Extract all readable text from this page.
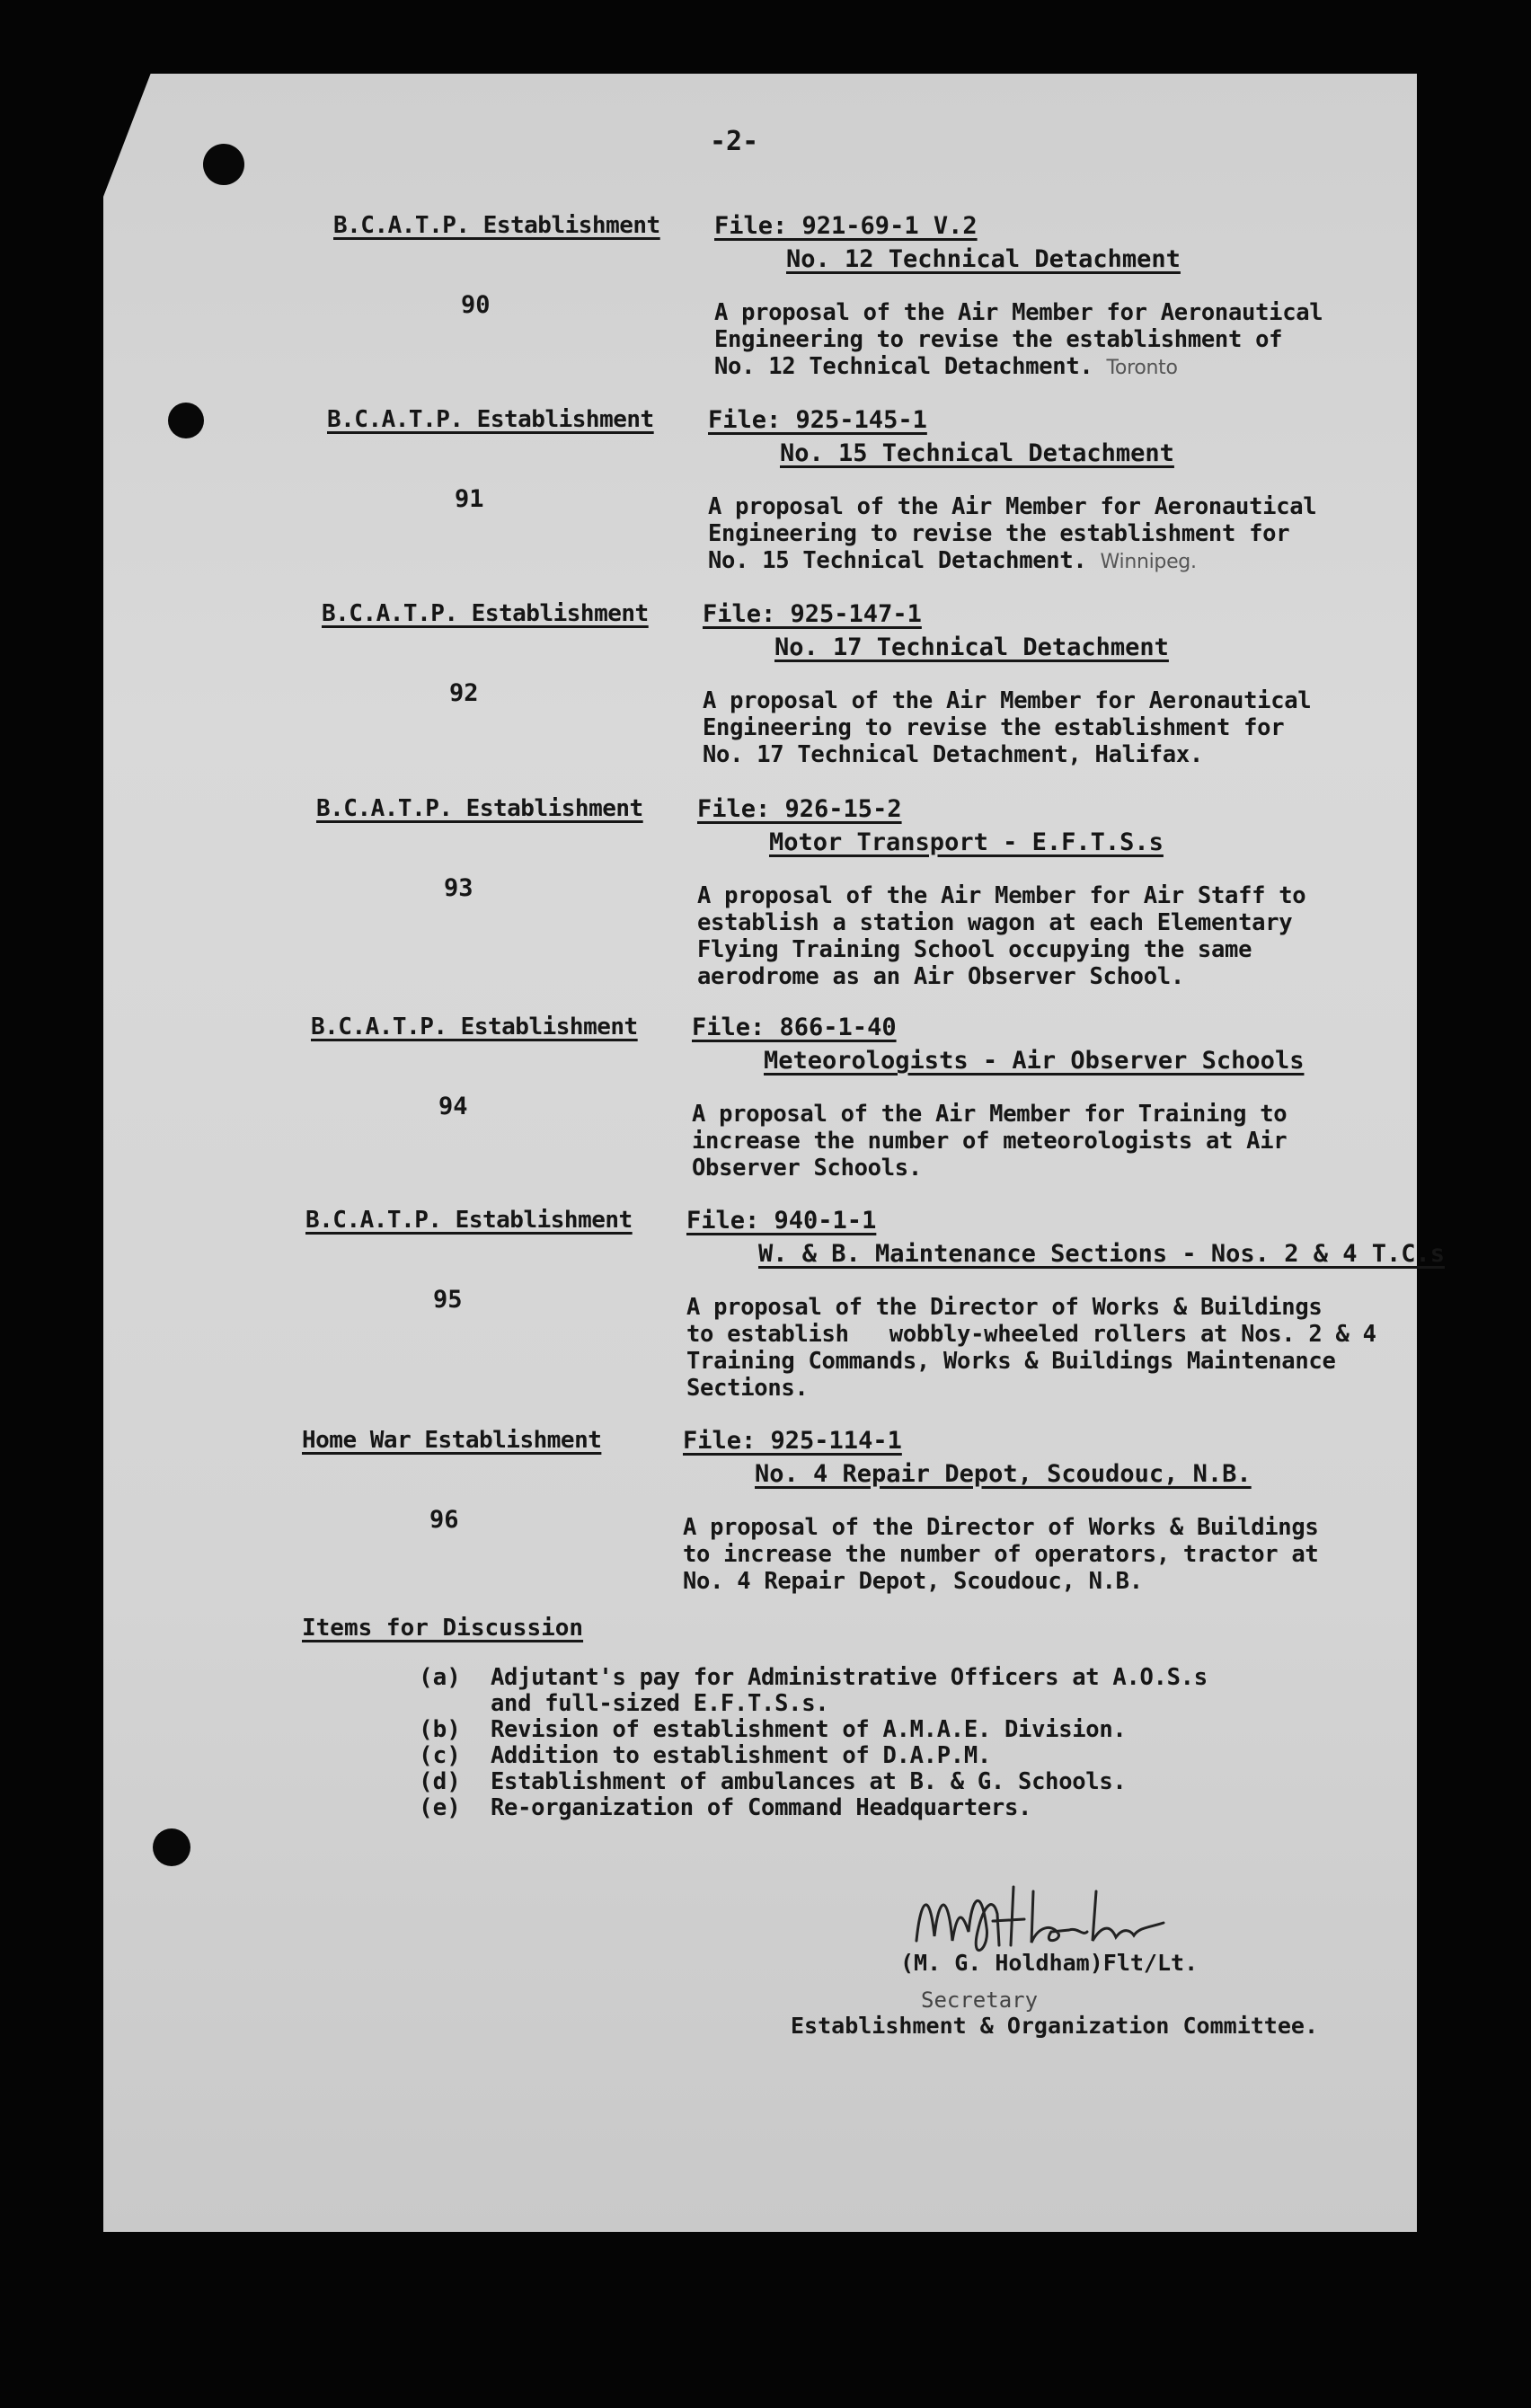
-2-
B.C.A.T.P. Establishment File: 921-69-1 V.2
No. 12 Technical Detachment
90	A proposal of the Air Member for Aeronautical
Engineering to revise the establishment of
No. 12 Technical Detachment. Toronto
B.C.A.T.P. Establishment File: 925-145-1
No. 15 Technical Detachment
91	A proposal of the Air Member for Aeronautical
Engineering to revise the establishment for
No. 15 Technical Detachment. Winnipeg.
B.C.A.T.P. Establishment File: 925-147-1
No. 17 Technical Detachment
92	A proposal of the Air Member for Aeronautical
Engineering to revise the establishment for
No. 17 Technical Detachment, Halifax.
B.C.A.T.P. Establishment File: 926-15-2
Motor Transport - E.F.T.S.s
93	A proposal of the Air Member for Air Staff to
establish a station wagon at each Elementary
Flying Training School occupying the same
aerodrome as an Air Observer School.
B.C.A.T.P. Establishment File: 866-1-40
Meteorologists - Air Observer Schools
94	A proposal of the Air Member for Training to
increase the number of meteorologists at Air
Observer Schools.
B.C.A.T.P. Establishment File: 940-1-1
W. & B. Maintenance Sections - Nos. 2 & 4 T.C.s
95	A proposal of the Director of Works & Buildings
to establish   wobbly-wheeled rollers at Nos. 2 & 4
Training Commands, Works & Buildings Maintenance
Sections.
Home War Establishment	File: 925-114-1
No. 4 Repair Depot, Scoudouc, N.B.
96	A proposal of the Director of Works & Buildings
to increase the number of operators, tractor at
No. 4 Repair Depot, Scoudouc, N.B.
Items for Discussion
(a) Adjutant's pay for Administrative Officers at A.O.S.s
and full-sized E.F.T.S.s.
(b) Revision of establishment of A.M.A.E. Division.
(c) Addition to establishment of D.A.P.M.
(d) Establishment of ambulances at B. & G. Schools.
(e) Re-organization of Command Headquarters.
(M. G. Holdham)Flt/Lt.
Secretary
Establishment & Organization Committee.
